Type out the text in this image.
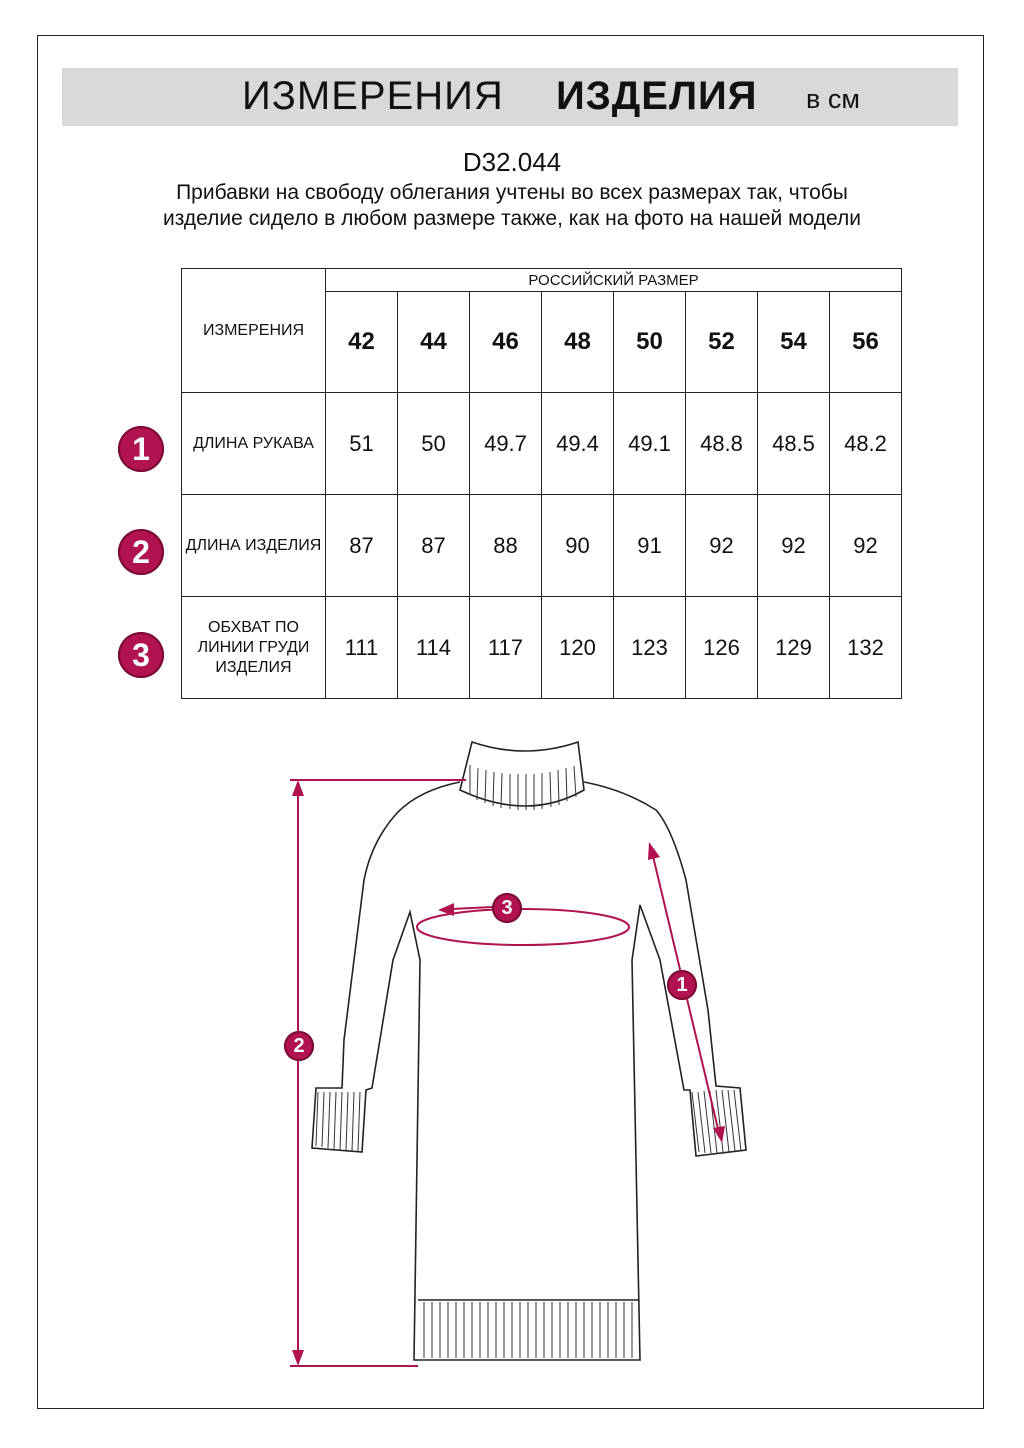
ИЗМЕРЕНИЯ ИЗДЕЛИЯ в см
D32.044
Прибавки на свободу облегания учтены во всех размерах так, чтобы изделие сидело в любом размере также, как на фото на нашей модели
ИЗМЕРЕНИЯ	РОССИЙСКИЙ РАЗМЕР							
	42	44	46	48	50	52	54	56
ДЛИНА РУКАВА	51	50	49.7	49.4	49.1	48.8	48.5	48.2
ДЛИНА ИЗДЕЛИЯ	87	87	88	90	91	92	92	92
ОБХВАТ ПО ЛИНИИ ГРУДИ ИЗДЕЛИЯ	111	114	117	120	123	126	129	132
1
2
3
2
3
1
